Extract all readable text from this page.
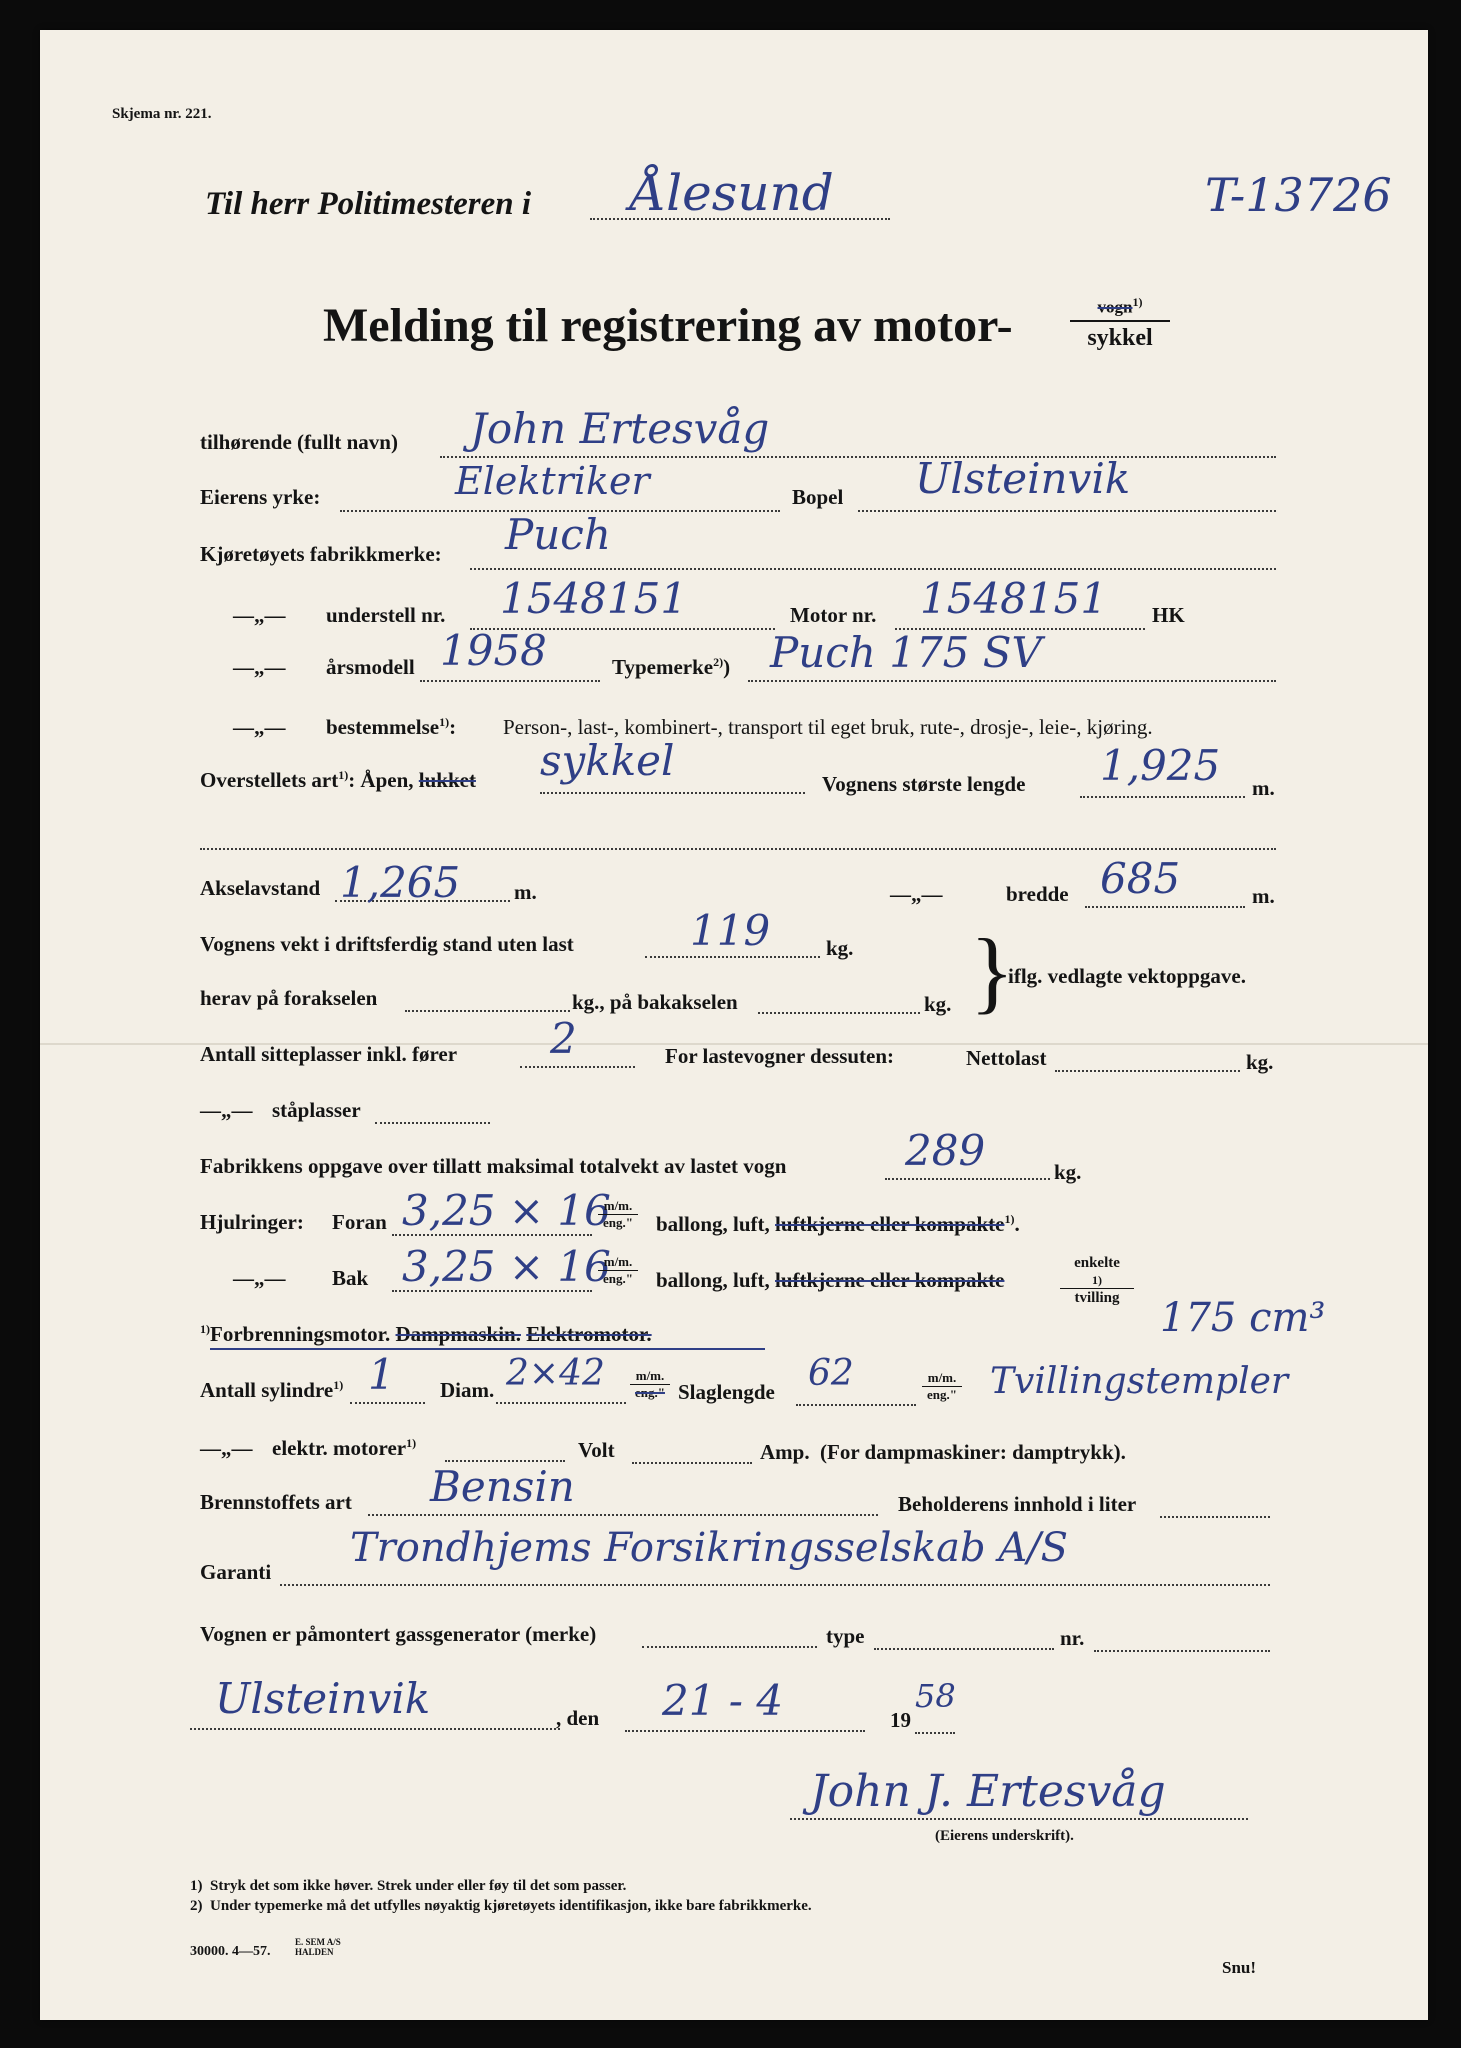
Skjema nr. 221.
Til herr Politimesteren i Ålesund	T-13726
Melding til registrering av motor-	vogn$^{1)}$
sykkel
tilhørende (fullt navn) John Ertesvåg
Eierens yrke:	Elektriker	Bopel Ulsteinvik
Kjøretøyets fabrikkmerke: Puch
—„— understell nr. 1548151	Motor nr. 1548151 HK
—„— årsmodell 1958	Typemerke$^{2)}$) Puch 175 SV
—„— bestemmelse$^{1)}$: Person-, last-, kombinert-, transport til eget bruk, rute-, drosje-, leie-, kjøring.
Overstellets art$^{1)}$: Åpen, lukket sykkel	Vognens største lengde 1,925 m.
Akselavstand 1,265	m.	—„—	bredde 685	m.
Vognens vekt i driftsferdig stand uten last	119	kg.
herav på forakselen	kg., på bakakselen	kg. }
iflg. vedlagte vektoppgave.
Antall sitteplasser inkl. fører 2	For lastevogner dessuten:	Nettolast	kg.
—„— ståplasser
Fabrikkens oppgave over tillatt maksimal totalvekt av lastet vogn	289	kg.
Hjulringer: Foran 3,25 × 16
m/m.
eng." ballong, luft, luftkjerne eller kompakte$^{1)}$.
—„— Bak 3,25 × 16
m/m.
eng." ballong, luft, luftkjerne eller kompakte
enkelte
1)
tvilling
$^{1)}$Forbrenningsmotor. Dampmaskin. Elektromotor.	175 cm³
Antall sylindre$^{1)}$ 1 Diam. 2×42	m/m.
eng." Slaglengde 62	m/m.
eng." Tvillingstempler
—„— elektr. motorer$^{1)}$	Volt	Amp. (For dampmaskiner: damptrykk).
Brennstoffets art Bensin	Beholderens innhold i liter
Garanti
Trondhjems Forsikringsselskab A/S
Vognen er påmontert gassgenerator (merke)	type	nr.
Ulsteinvik	, den 21 - 4	19
58
John J. Ertesvåg
(Eierens underskrift).
1) Stryk det som ikke høver. Strek under eller føy til det som passer.
2) Under typemerke må det utfylles nøyaktig kjøretøyets identifikasjon, ikke bare fabrikkmerke.
30000. 4—57.
E. SEM A/S
HALDEN
Snu!
